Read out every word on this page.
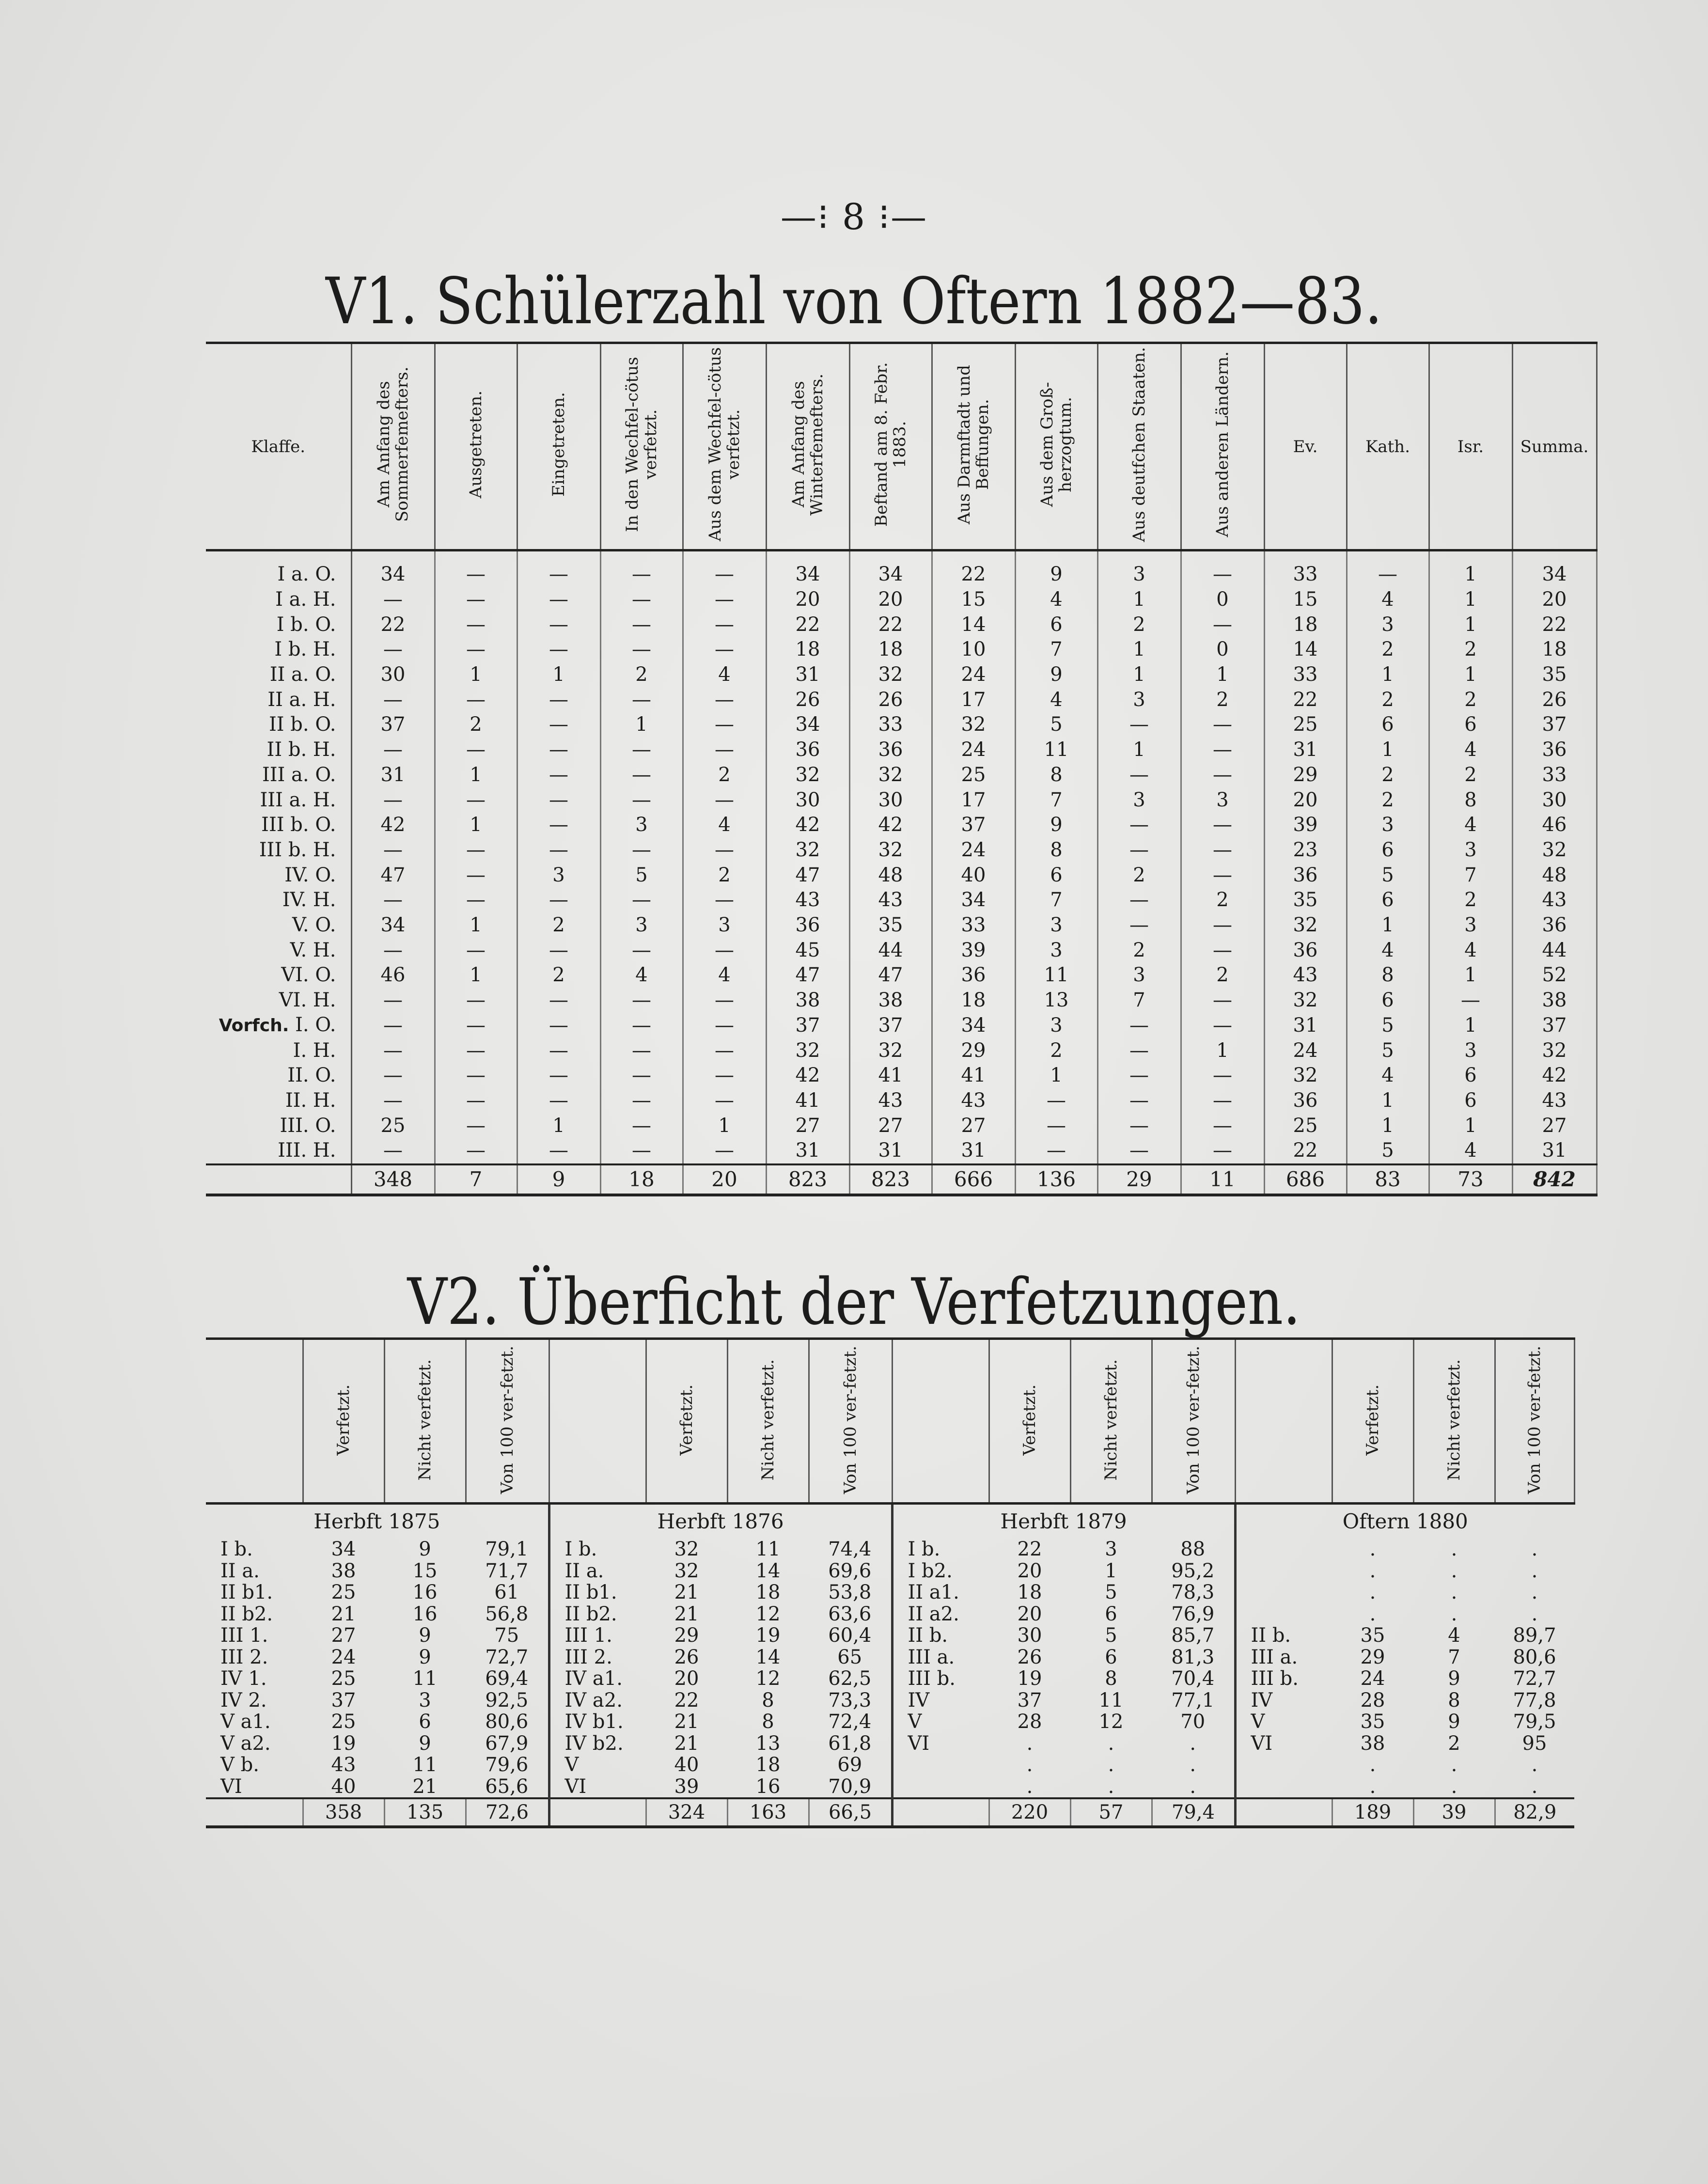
—⁝ 8 ⁝—
V1. Schülerzahl von Oftern 1882—83.
Klaffe.	Am Anfang des Sommerfemefters.	Ausgetreten.	Eingetreten.	In den Wechfel-cötus verfetzt.	Aus dem Wechfel-cötus verfetzt.	Am Anfang des Winterfemefters.	Beftand am 8. Febr. 1883.	Aus Darmftadt und Beffungen.	Aus dem Groß-herzogtum.	Aus deutfchen Staaten.	Aus anderen Ländern.	Ev.	Kath.	Isr.	Summa.
I a. O.	34	—	—	—	—	34	34	22	9	3	—	33	—	1	34
I a. H.	—	—	—	—	—	20	20	15	4	1	0	15	4	1	20
I b. O.	22	—	—	—	—	22	22	14	6	2	—	18	3	1	22
I b. H.	—	—	—	—	—	18	18	10	7	1	0	14	2	2	18
II a. O.	30	1	1	2	4	31	32	24	9	1	1	33	1	1	35
II a. H.	—	—	—	—	—	26	26	17	4	3	2	22	2	2	26
II b. O.	37	2	—	1	—	34	33	32	5	—	—	25	6	6	37
II b. H.	—	—	—	—	—	36	36	24	11	1	—	31	1	4	36
III a. O.	31	1	—	—	2	32	32	25	8	—	—	29	2	2	33
III a. H.	—	—	—	—	—	30	30	17	7	3	3	20	2	8	30
III b. O.	42	1	—	3	4	42	42	37	9	—	—	39	3	4	46
III b. H.	—	—	—	—	—	32	32	24	8	—	—	23	6	3	32
IV. O.	47	—	3	5	2	47	48	40	6	2	—	36	5	7	48
IV. H.	—	—	—	—	—	43	43	34	7	—	2	35	6	2	43
V. O.	34	1	2	3	3	36	35	33	3	—	—	32	1	3	36
V. H.	—	—	—	—	—	45	44	39	3	2	—	36	4	4	44
VI. O.	46	1	2	4	4	47	47	36	11	3	2	43	8	1	52
VI. H.	—	—	—	—	—	38	38	18	13	7	—	32	6	—	38
Vorfch. I. O.	—	—	—	—	—	37	37	34	3	—	—	31	5	1	37
I. H.	—	—	—	—	—	32	32	29	2	—	1	24	5	3	32
II. O.	—	—	—	—	—	42	41	41	1	—	—	32	4	6	42
II. H.	—	—	—	—	—	41	43	43	—	—	—	36	1	6	43
III. O.	25	—	1	—	1	27	27	27	—	—	—	25	1	1	27
III. H.	—	—	—	—	—	31	31	31	—	—	—	22	5	4	31
	348	7	9	18	20	823	823	666	136	29	11	686	83	73	842
V2. Überficht der Verfetzungen.
	Verfetzt.	Nicht verfetzt.	Von 100 ver-fetzt.		Verfetzt.	Nicht verfetzt.	Von 100 ver-fetzt.		Verfetzt.	Nicht verfetzt.	Von 100 ver-fetzt.		Verfetzt.	Nicht verfetzt.	Von 100 ver-fetzt.
Herbft 1875				Herbft 1876				Herbft 1879				Oftern 1880			
I b.	34	9	79,1	I b.	32	11	74,4	I b.	22	3	88		.	.	.
II a.	38	15	71,7	II a.	32	14	69,6	I b2.	20	1	95,2		.	.	.
II b1.	25	16	61	II b1.	21	18	53,8	II a1.	18	5	78,3		.	.	.
II b2.	21	16	56,8	II b2.	21	12	63,6	II a2.	20	6	76,9		.	.	.
III 1.	27	9	75	III 1.	29	19	60,4	II b.	30	5	85,7	II b.	35	4	89,7
III 2.	24	9	72,7	III 2.	26	14	65	III a.	26	6	81,3	III a.	29	7	80,6
IV 1.	25	11	69,4	IV a1.	20	12	62,5	III b.	19	8	70,4	III b.	24	9	72,7
IV 2.	37	3	92,5	IV a2.	22	8	73,3	IV	37	11	77,1	IV	28	8	77,8
V a1.	25	6	80,6	IV b1.	21	8	72,4	V	28	12	70	V	35	9	79,5
V a2.	19	9	67,9	IV b2.	21	13	61,8	VI	.	.	.	VI	38	2	95
V b.	43	11	79,6	V	40	18	69		.	.	.		.	.	.
VI	40	21	65,6	VI	39	16	70,9		.	.	.		.	.	.
	358	135	72,6		324	163	66,5		220	57	79,4		189	39	82,9
